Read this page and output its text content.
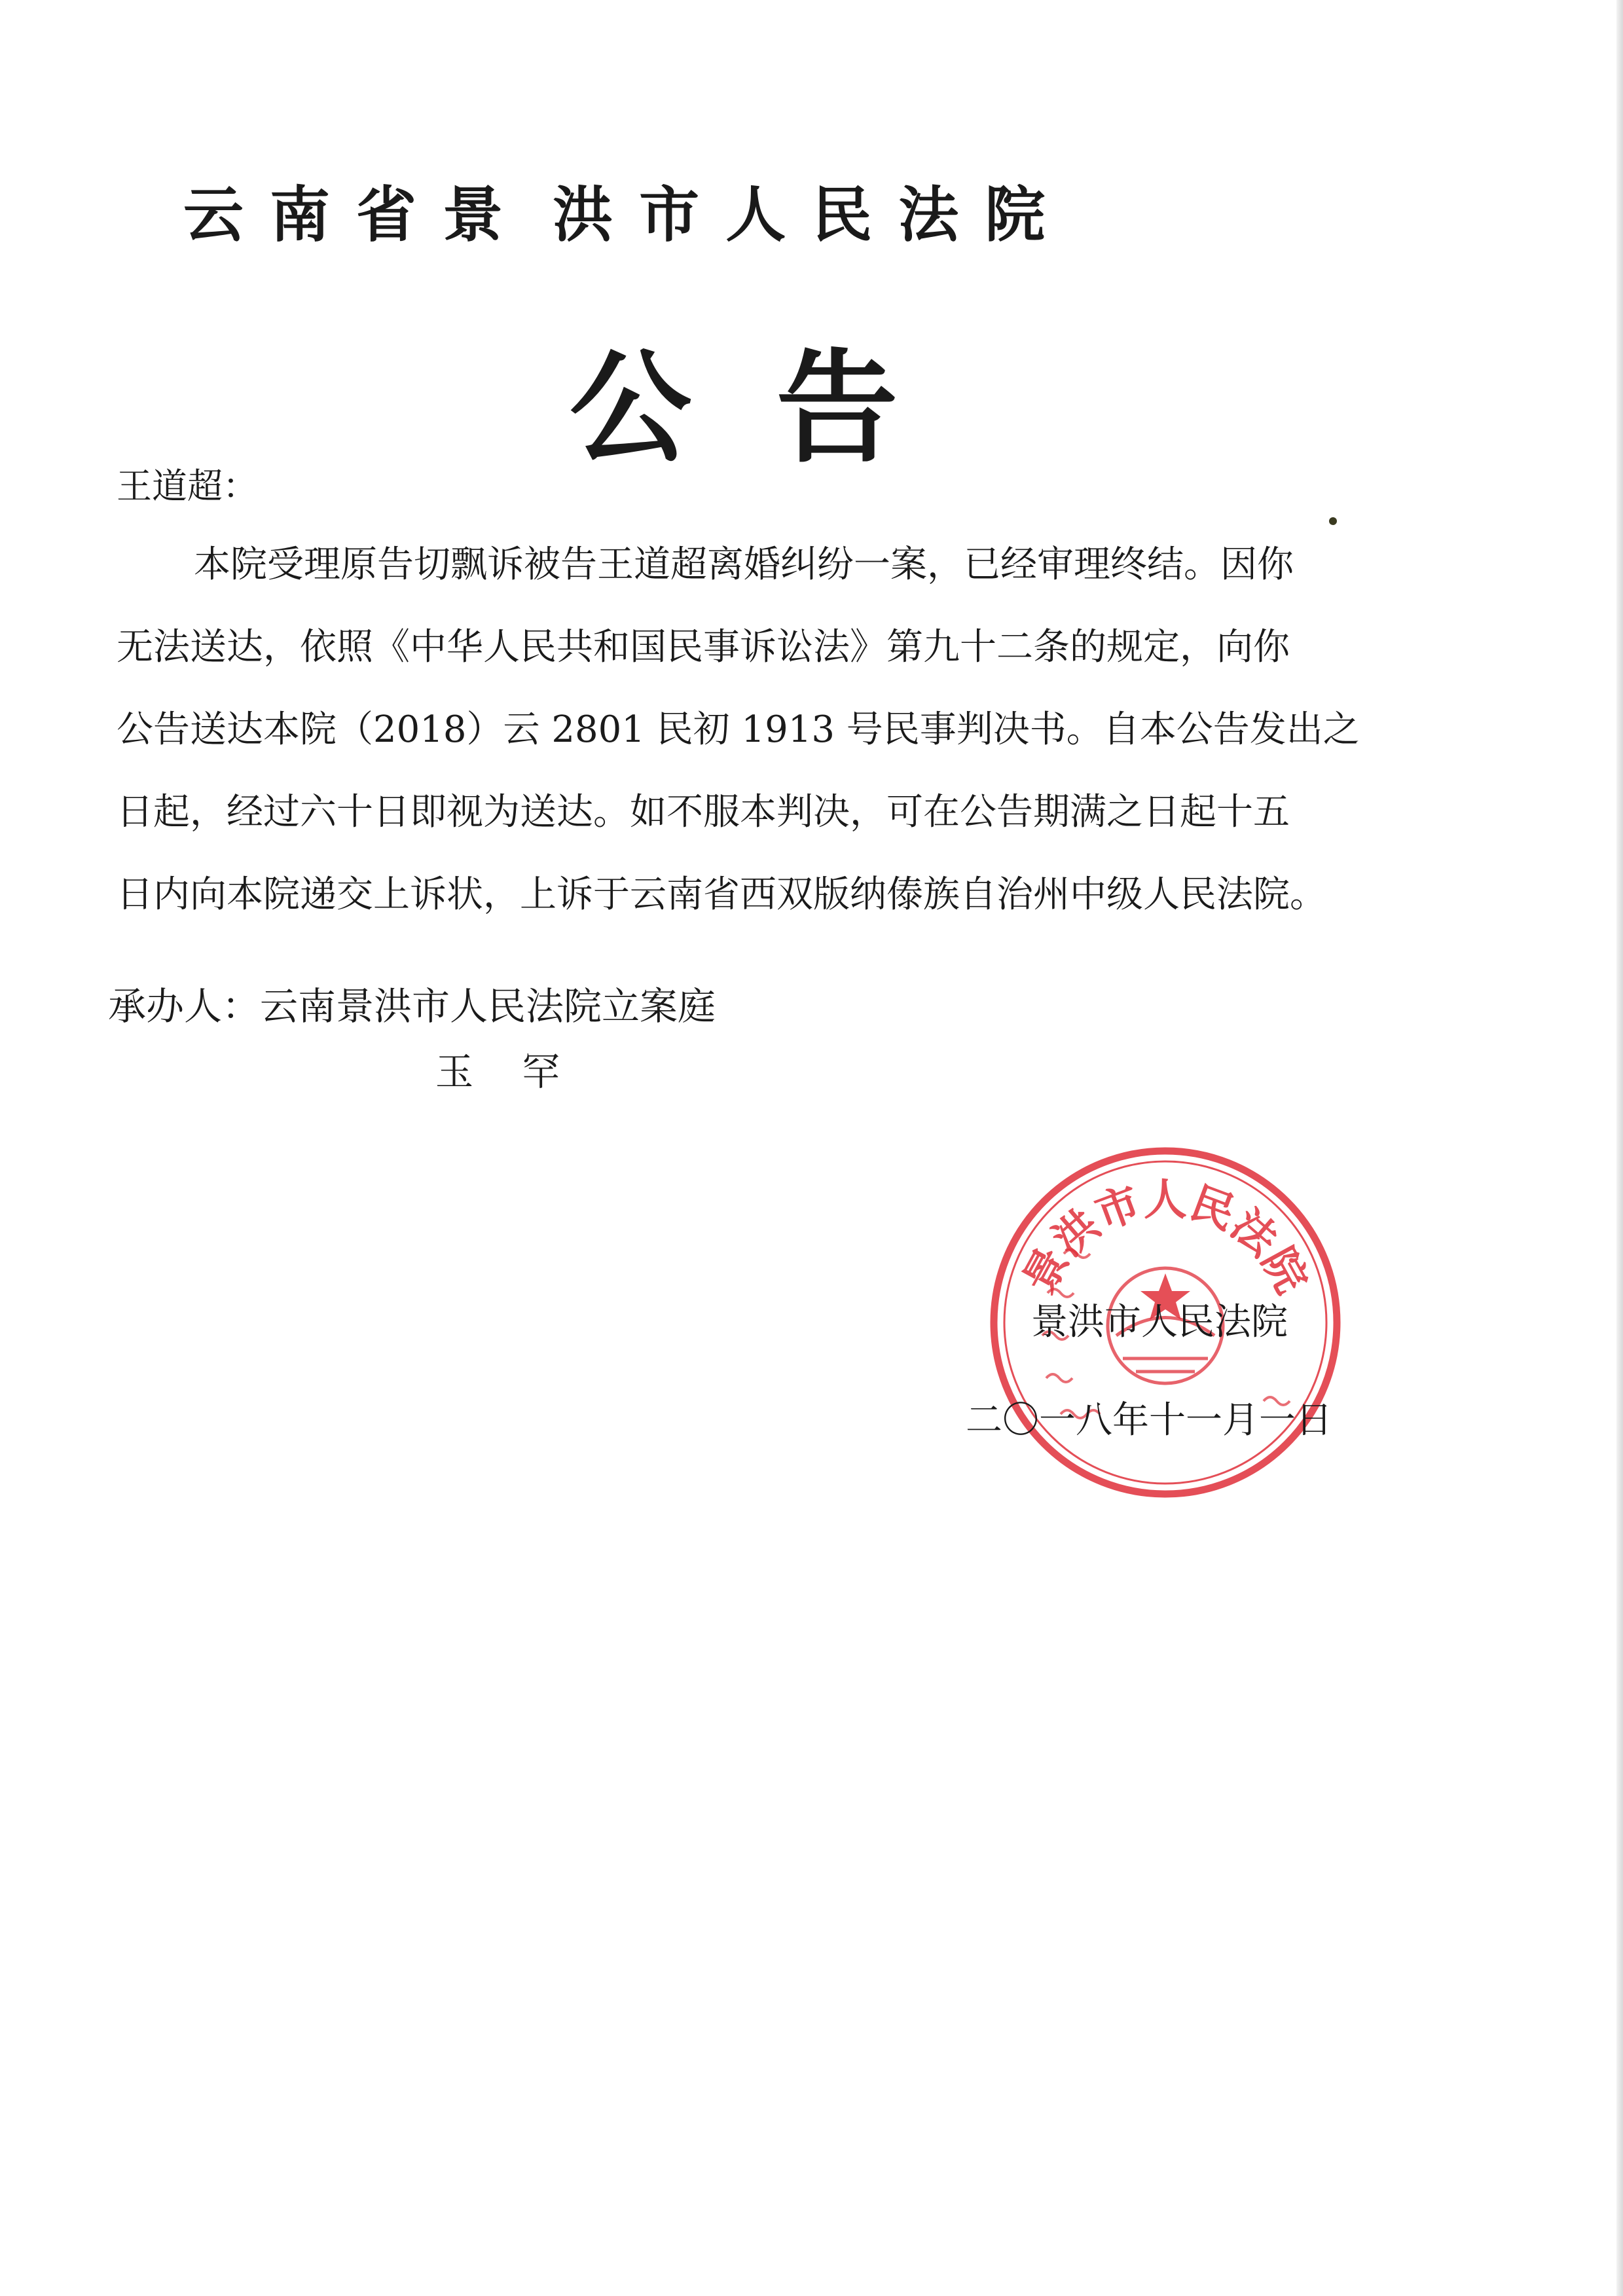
云 南 省 景  洪 市 人 民 法 院
公  告
王道超：
本院受理原告切飘诉被告王道超离婚纠纷一案，已经审理终结。因你
无法送达，依照《中华人民共和国民事诉讼法》第九十二条的规定，向你
公告送达本院（2018）云 2801 民初 1913 号民事判决书。自本公告发出之
日起，经过六十日即视为送达。如不服本判决，可在公告期满之日起十五
日内向本院递交上诉状，上诉于云南省西双版纳傣族自治州中级人民法院。
承办人：云南景洪市人民法院立案庭
玉 罕
景洪市人民法院
景洪市人民法院
二〇一八年十一月一日
